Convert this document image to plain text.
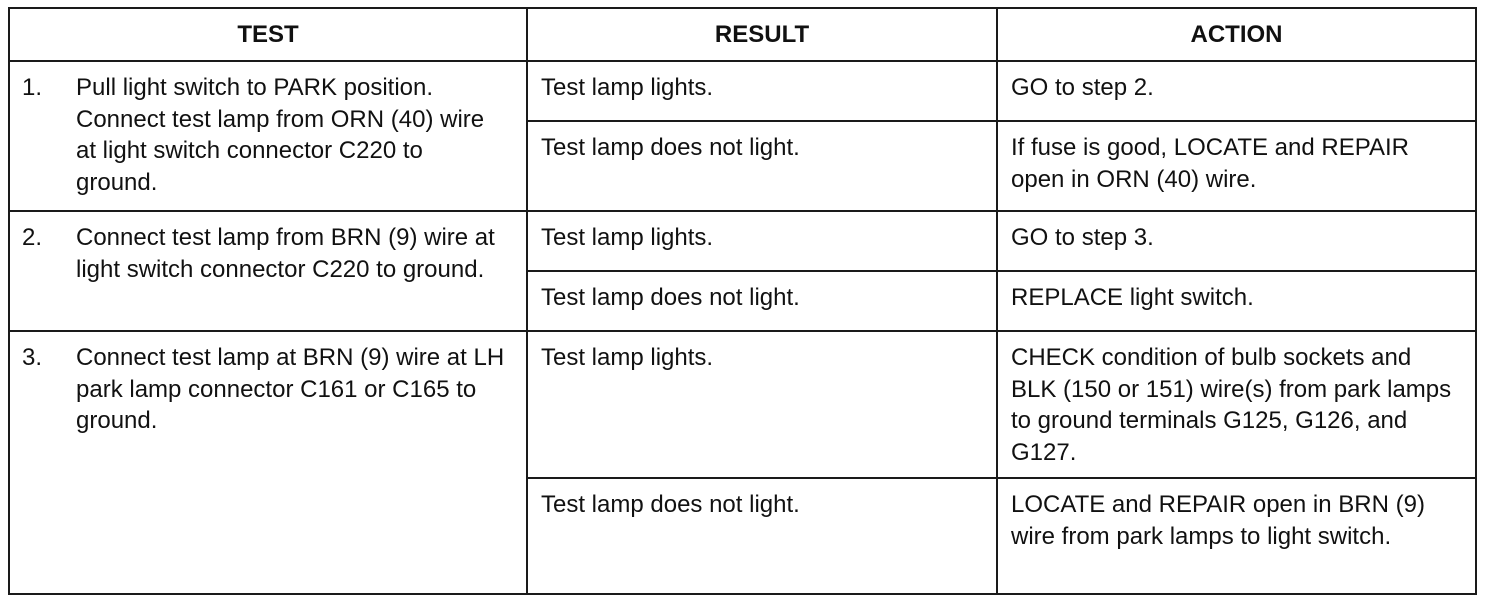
TEST	RESULT	ACTION

1. Pull light switch to PARK position. Connect test lamp from ORN (40) wire at light switch connector C220 to ground.	Test lamp lights.	GO to step 2.
	Test lamp does not light.	If fuse is good, LOCATE and REPAIR open in ORN (40) wire.

2. Connect test lamp from BRN (9) wire at light switch connector C220 to ground.	Test lamp lights.	GO to step 3.
	Test lamp does not light.	REPLACE light switch.

3. Connect test lamp at BRN (9) wire at LH park lamp connector C161 or C165 to ground.	Test lamp lights.	CHECK condition of bulb sockets and BLK (150 or 151) wire(s) from park lamps to ground terminals G125, G126, and G127.
	Test lamp does not light.	LOCATE and REPAIR open in BRN (9) wire from park lamps to light switch.
